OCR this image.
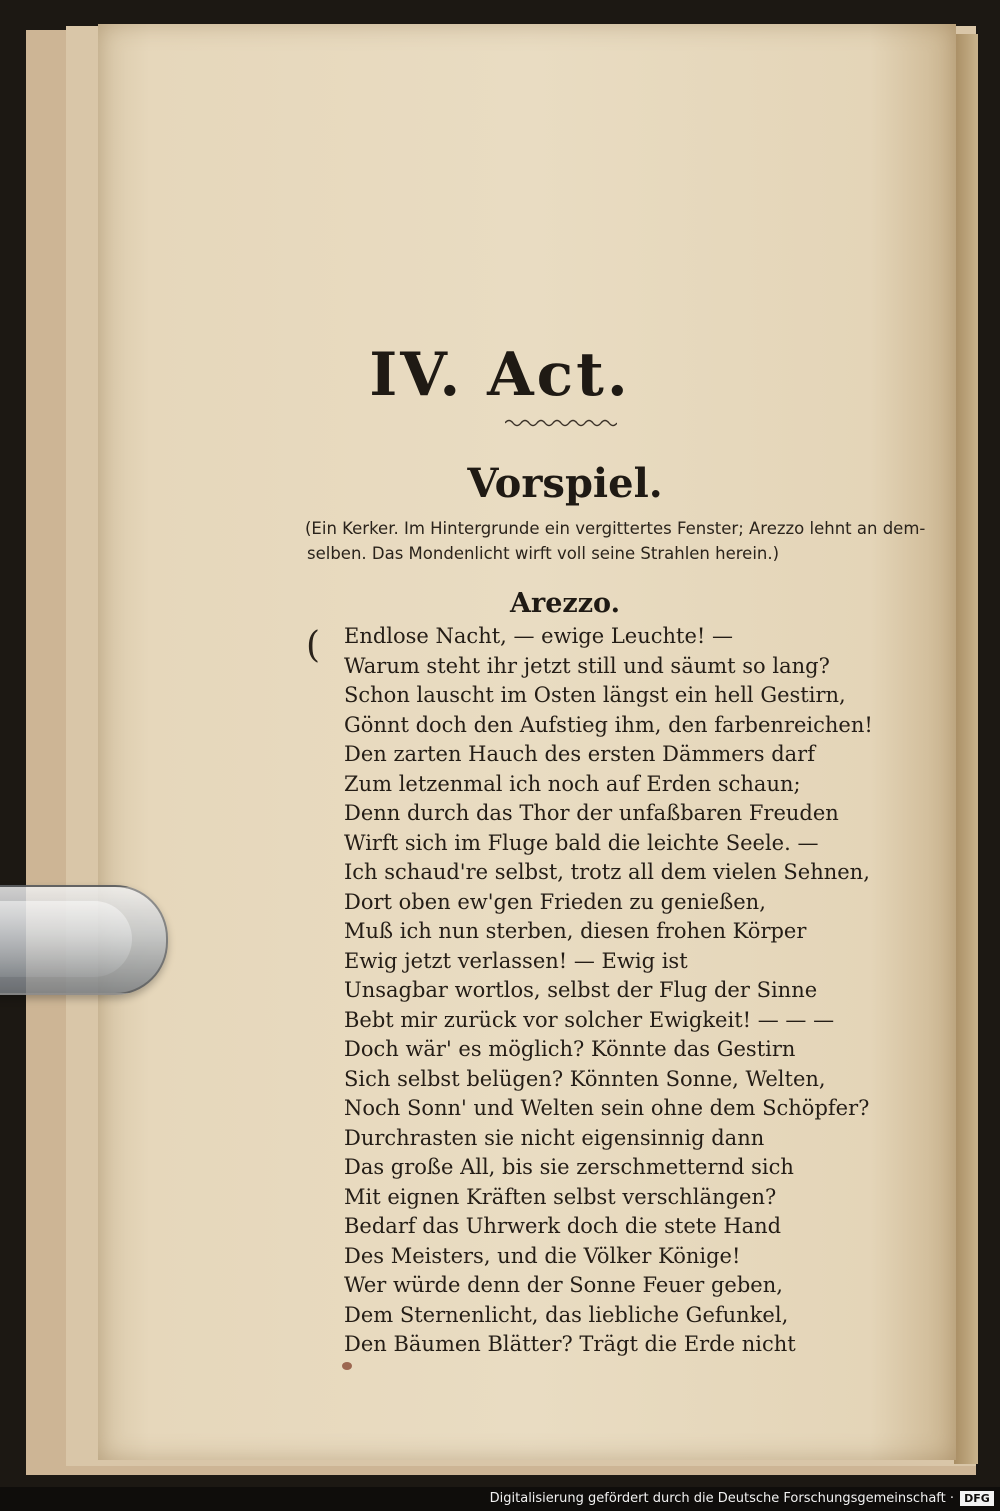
IV. Act.
Vorspiel.
(Ein Kerker. Im Hintergrunde ein vergittertes Fenster; Arezzo lehnt an dem-
selben. Das Mondenlicht wirft voll seine Strahlen herein.)
Arezzo.
( Endlose Nacht, — ewige Leuchte! —
Warum steht ihr jetzt still und säumt so lang?
Schon lauscht im Osten längst ein hell Gestirn,
Gönnt doch den Aufstieg ihm, den farbenreichen!
Den zarten Hauch des ersten Dämmers darf
Zum letzenmal ich noch auf Erden schaun;
Denn durch das Thor der unfaßbaren Freuden
Wirft sich im Fluge bald die leichte Seele. —
Ich schaud're selbst, trotz all dem vielen Sehnen,
Dort oben ew'gen Frieden zu genießen,
Muß ich nun sterben, diesen frohen Körper
Ewig jetzt verlassen! — Ewig ist
Unsagbar wortlos, selbst der Flug der Sinne
Bebt mir zurück vor solcher Ewigkeit! — — —
Doch wär' es möglich? Könnte das Gestirn
Sich selbst belügen? Könnten Sonne, Welten,
Noch Sonn' und Welten sein ohne dem Schöpfer?
Durchrasten sie nicht eigensinnig dann
Das große All, bis sie zerschmetternd sich
Mit eignen Kräften selbst verschlängen?
Bedarf das Uhrwerk doch die stete Hand
Des Meisters, und die Völker Könige!
Wer würde denn der Sonne Feuer geben,
Dem Sternenlicht, das liebliche Gefunkel,
Den Bäumen Blätter? Trägt die Erde nicht
Digitalisierung gefördert durch die Deutsche Forschungsgemeinschaft · DFG
